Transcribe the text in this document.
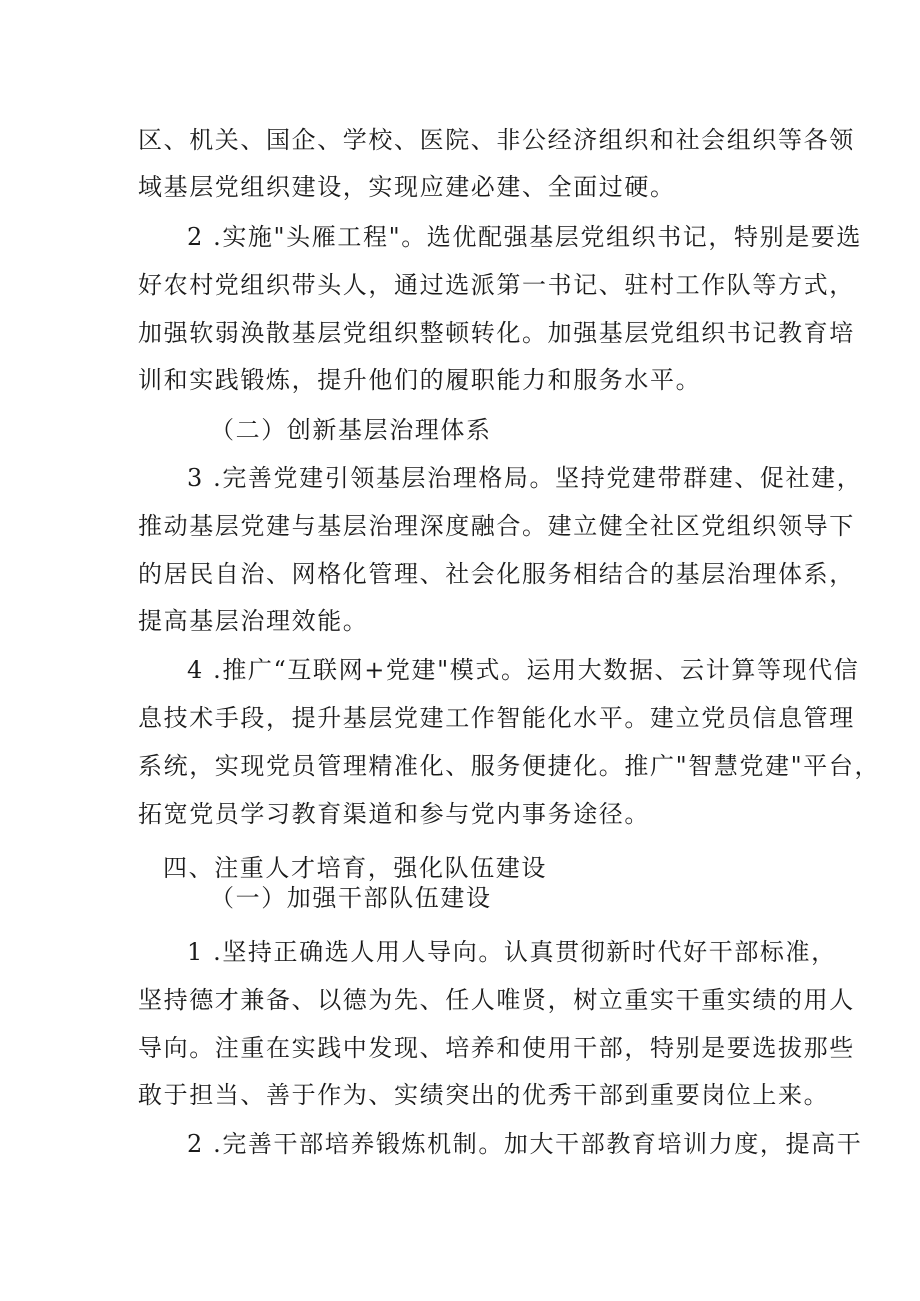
区、机关、国企、学校、医院、非公经济组织和社会组织等各领
域基层党组织建设，实现应建必建、全面过硬。
2 .实施"头雁工程"。选优配强基层党组织书记，特别是要选
好农村党组织带头人，通过选派第一书记、驻村工作队等方式，
加强软弱涣散基层党组织整顿转化。加强基层党组织书记教育培
训和实践锻炼，提升他们的履职能力和服务水平。
（二）创新基层治理体系
3 .完善党建引领基层治理格局。坚持党建带群建、促社建，
推动基层党建与基层治理深度融合。建立健全社区党组织领导下
的居民自治、网格化管理、社会化服务相结合的基层治理体系，
提高基层治理效能。
4 .推广“互联网+党建"模式。运用大数据、云计算等现代信
息技术手段，提升基层党建工作智能化水平。建立党员信息管理
系统，实现党员管理精准化、服务便捷化。推广"智慧党建"平台，
拓宽党员学习教育渠道和参与党内事务途径。
四、注重人才培育，强化队伍建设
（一）加强干部队伍建设
1 .坚持正确选人用人导向。认真贯彻新时代好干部标准，
坚持德才兼备、以德为先、任人唯贤，树立重实干重实绩的用人
导向。注重在实践中发现、培养和使用干部，特别是要选拔那些
敢于担当、善于作为、实绩突出的优秀干部到重要岗位上来。
2 .完善干部培养锻炼机制。加大干部教育培训力度，提高干
